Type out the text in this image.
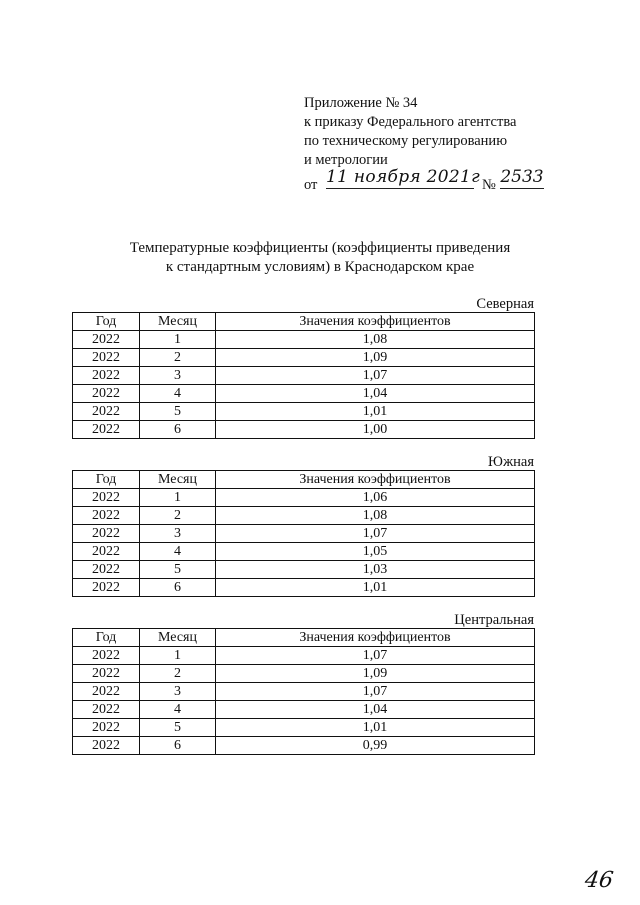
Приложение № 34
к приказу Федерального агентства
по техническому регулированию
и метрологии
от 11 ноября 2021г № 2533
Температурные коэффициенты (коэффициенты приведения
к стандартным условиям) в Краснодарском крае
Северная
Год	Месяц	Значения коэффициентов
2022	1	1,08
2022	2	1,09
2022	3	1,07
2022	4	1,04
2022	5	1,01
2022	6	1,00
Южная
Год	Месяц	Значения коэффициентов
2022	1	1,06
2022	2	1,08
2022	3	1,07
2022	4	1,05
2022	5	1,03
2022	6	1,01
Центральная
Год	Месяц	Значения коэффициентов
2022	1	1,07
2022	2	1,09
2022	3	1,07
2022	4	1,04
2022	5	1,01
2022	6	0,99
46
